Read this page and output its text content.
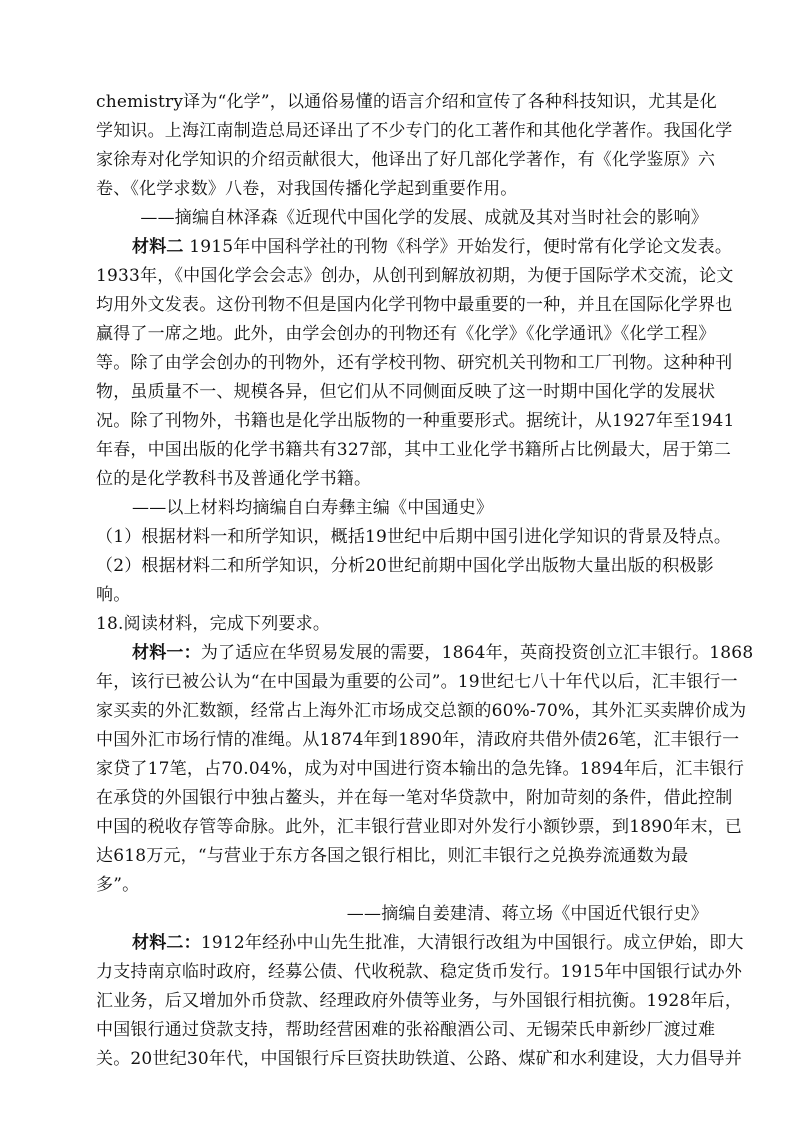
chemistry译为“化学”，以通俗易懂的语言介绍和宣传了各种科技知识，尤其是化
学知识。上海江南制造总局还译出了不少专门的化工著作和其他化学著作。我国化学
家徐寿对化学知识的介绍贡献很大，他译出了好几部化学著作，有《化学鉴原》六
卷、《化学求数》八卷，对我国传播化学起到重要作用。
——摘编自林泽森《近现代中国化学的发展、成就及其对当时社会的影响》
材料二 1915年中国科学社的刊物《科学》开始发行，便时常有化学论文发表。
1933年，《中国化学会会志》创办，从创刊到解放初期，为便于国际学术交流，论文
均用外文发表。这份刊物不但是国内化学刊物中最重要的一种，并且在国际化学界也
赢得了一席之地。此外，由学会创办的刊物还有《化学》《化学通讯》《化学工程》
等。除了由学会创办的刊物外，还有学校刊物、研究机关刊物和工厂刊物。这种种刊
物，虽质量不一、规模各异，但它们从不同侧面反映了这一时期中国化学的发展状
况。除了刊物外，书籍也是化学出版物的一种重要形式。据统计，从1927年至1941
年春，中国出版的化学书籍共有327部，其中工业化学书籍所占比例最大，居于第二
位的是化学教科书及普通化学书籍。
——以上材料均摘编自白寿彝主编《中国通史》
（1）根据材料一和所学知识，概括19世纪中后期中国引进化学知识的背景及特点。
（2）根据材料二和所学知识，分析20世纪前期中国化学出版物大量出版的积极影
响。
18.阅读材料，完成下列要求。
材料一：为了适应在华贸易发展的需要，1864年，英商投资创立汇丰银行。1868
年，该行已被公认为“在中国最为重要的公司”。19世纪七八十年代以后，汇丰银行一
家买卖的外汇数额，经常占上海外汇市场成交总额的60%-70%，其外汇买卖牌价成为
中国外汇市场行情的准绳。从1874年到1890年，清政府共借外债26笔，汇丰银行一
家贷了17笔，占70.04%，成为对中国进行资本输出的急先锋。1894年后，汇丰银行
在承贷的外国银行中独占鳌头，并在每一笔对华贷款中，附加苛刻的条件，借此控制
中国的税收存管等命脉。此外，汇丰银行营业即对外发行小额钞票，到1890年末，已
达618万元，“与营业于东方各国之银行相比，则汇丰银行之兑换券流通数为最
多”。
——摘编自姜建清、蒋立场《中国近代银行史》
材料二：1912年经孙中山先生批准，大清银行改组为中国银行。成立伊始，即大
力支持南京临时政府，经募公债、代收税款、稳定货币发行。1915年中国银行试办外
汇业务，后又增加外币贷款、经理政府外债等业务，与外国银行相抗衡。1928年后，
中国银行通过贷款支持，帮助经营困难的张裕酿酒公司、无锡荣氏申新纱厂渡过难
关。20世纪30年代，中国银行斥巨资扶助铁道、公路、煤矿和水利建设，大力倡导并
